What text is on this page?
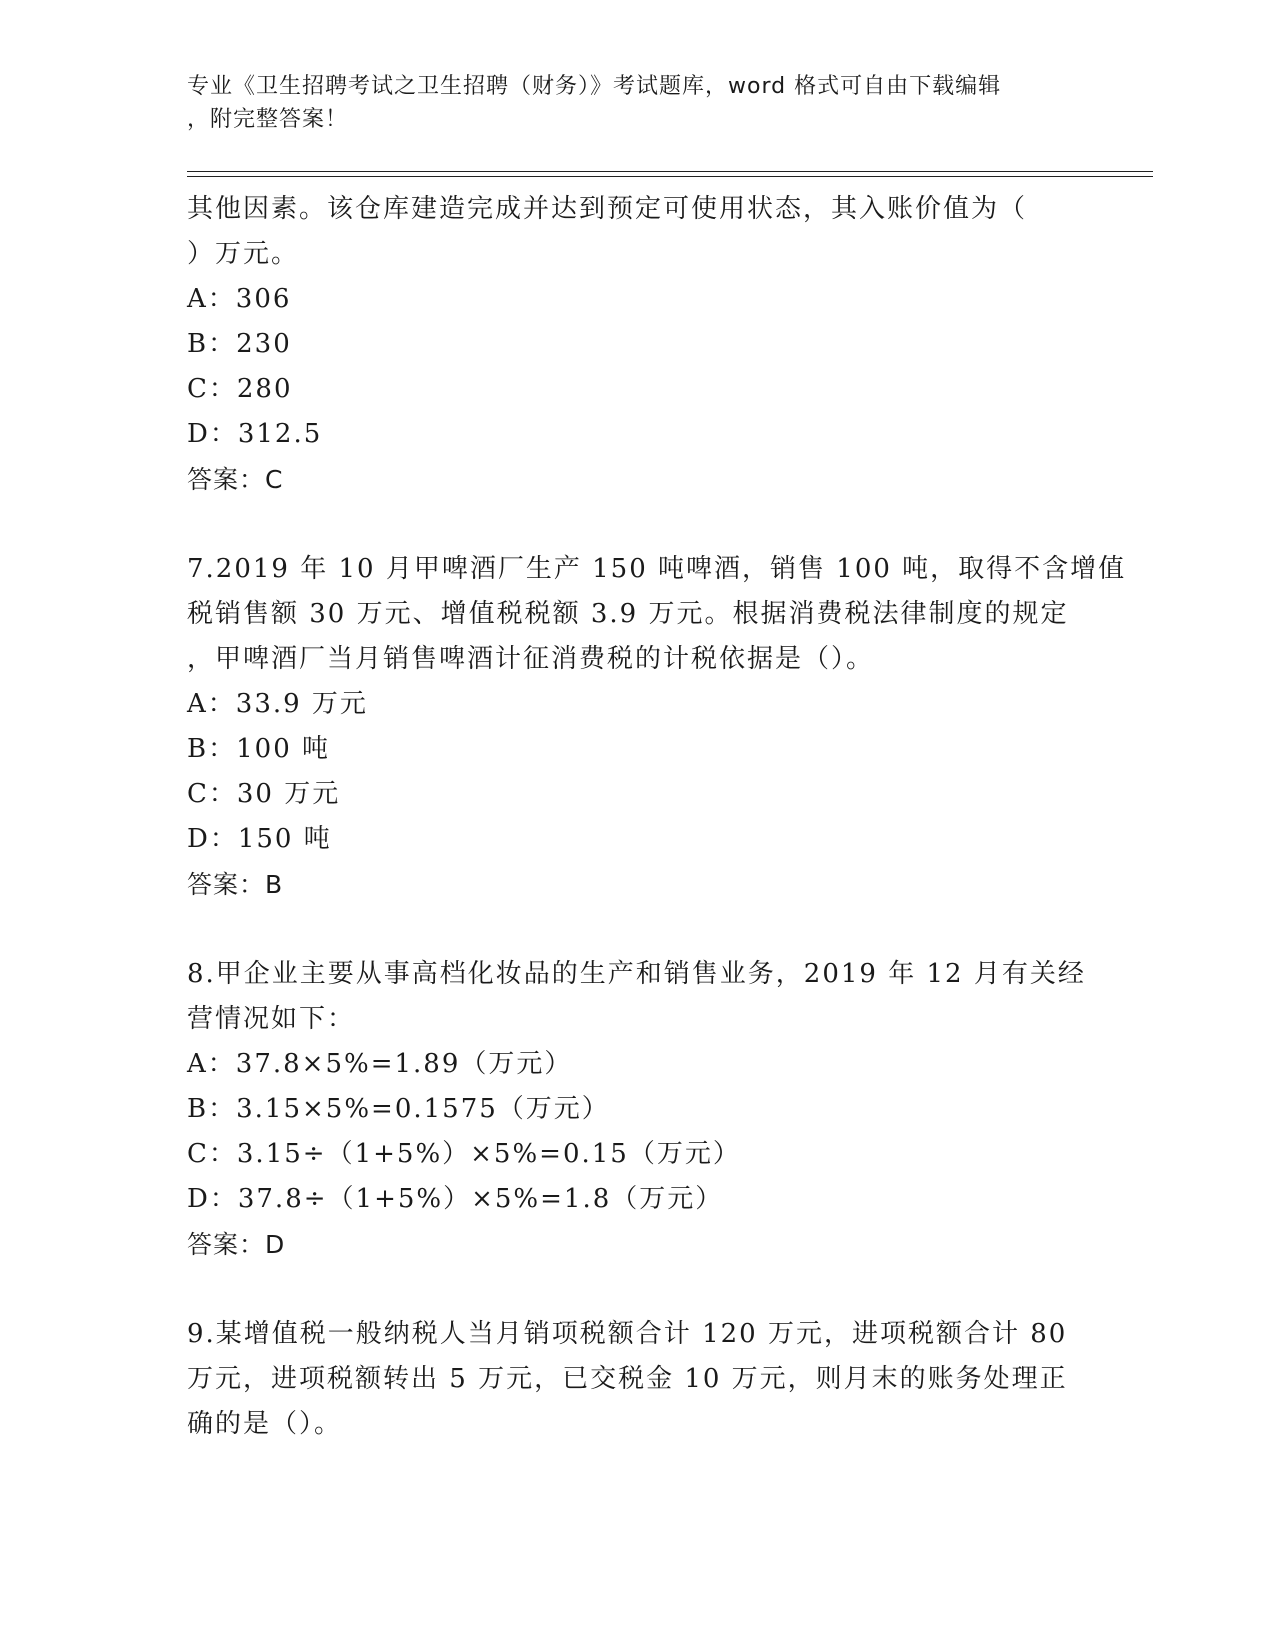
专业《卫生招聘考试之卫生招聘（财务）》考试题库，word 格式可自由下载编辑
，附完整答案！
其他因素。该仓库建造完成并达到预定可使用状态，其入账价值为（
）万元。
A：306
B：230
C：280
D：312.5
答案：C
7.2019 年 10 月甲啤酒厂生产 150 吨啤酒，销售 100 吨，取得不含增值
税销售额 30 万元、增值税税额 3.9 万元。根据消费税法律制度的规定
，甲啤酒厂当月销售啤酒计征消费税的计税依据是（）。
A：33.9 万元
B：100 吨
C：30 万元
D：150 吨
答案：B
8.甲企业主要从事高档化妆品的生产和销售业务，2019 年 12 月有关经
营情况如下：
A：37.8×5%=1.89（万元）
B：3.15×5%=0.1575（万元）
C：3.15÷（1+5%）×5%=0.15（万元）
D：37.8÷（1+5%）×5%=1.8（万元）
答案：D
9.某增值税一般纳税人当月销项税额合计 120 万元，进项税额合计 80
万元，进项税额转出 5 万元，已交税金 10 万元，则月末的账务处理正
确的是（）。
